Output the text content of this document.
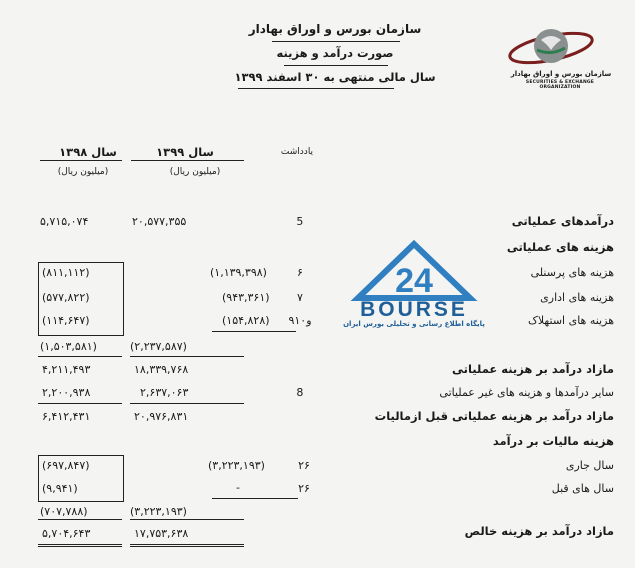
سازمان بورس و اوراق بهادار
صورت درآمد و هزینه
سال مالی منتهی به ۳۰ اسفند ۱۳۹۹	سازمان بورس و اوراق بهادار
SECURITIES & EXCHANGE ORGANIZATION
یادداشت
سال ۱۳۹۹
سال ۱۳۹۸
(میلیون ریال)
(میلیون ریال)
درآمدهای عملیاتی
5
۲۰,۵۷۷,۳۵۵
۵,۷۱۵,۰۷۴
هزینه های عملیاتی
هزینه های پرسنلی
۶
(۱,۱۳۹,۳۹۸)
(۸۱۱,۱۱۲)
هزینه های اداری
۷
(۹۴۳,۳۶۱)
(۵۷۷,۸۲۲)
هزینه های استهلاک
۹و۱۰
(۱۵۴,۸۲۸)
(۱۱۴,۶۴۷)
(۲,۲۳۷,۵۸۷)
(۱,۵۰۳,۵۸۱)
مازاد درآمد بر هزینه عملیاتی
۱۸,۳۳۹,۷۶۸
۴,۲۱۱,۴۹۳
سایر درآمدها و هزینه های غیر عملیاتی
8
۲,۶۳۷,۰۶۳
۲,۲۰۰,۹۳۸
مازاد درآمد بر هزینه عملیاتی قبل ازمالیات
۲۰,۹۷۶,۸۳۱
۶,۴۱۲,۴۳۱
هزینه مالیات بر درآمد
سال جاری
۲۶
(۳,۲۲۳,۱۹۳)
(۶۹۷,۸۴۷)
سال های قبل
۲۶
-
(۹,۹۴۱)
(۳,۲۲۳,۱۹۳)
(۷۰۷,۷۸۸)
مازاد درآمد بر هزینه خالص
۱۷,۷۵۳,۶۳۸
۵,۷۰۴,۶۴۳
24
BOURSE
پایگاه اطلاع رسانی و تحلیلی بورس ایران
